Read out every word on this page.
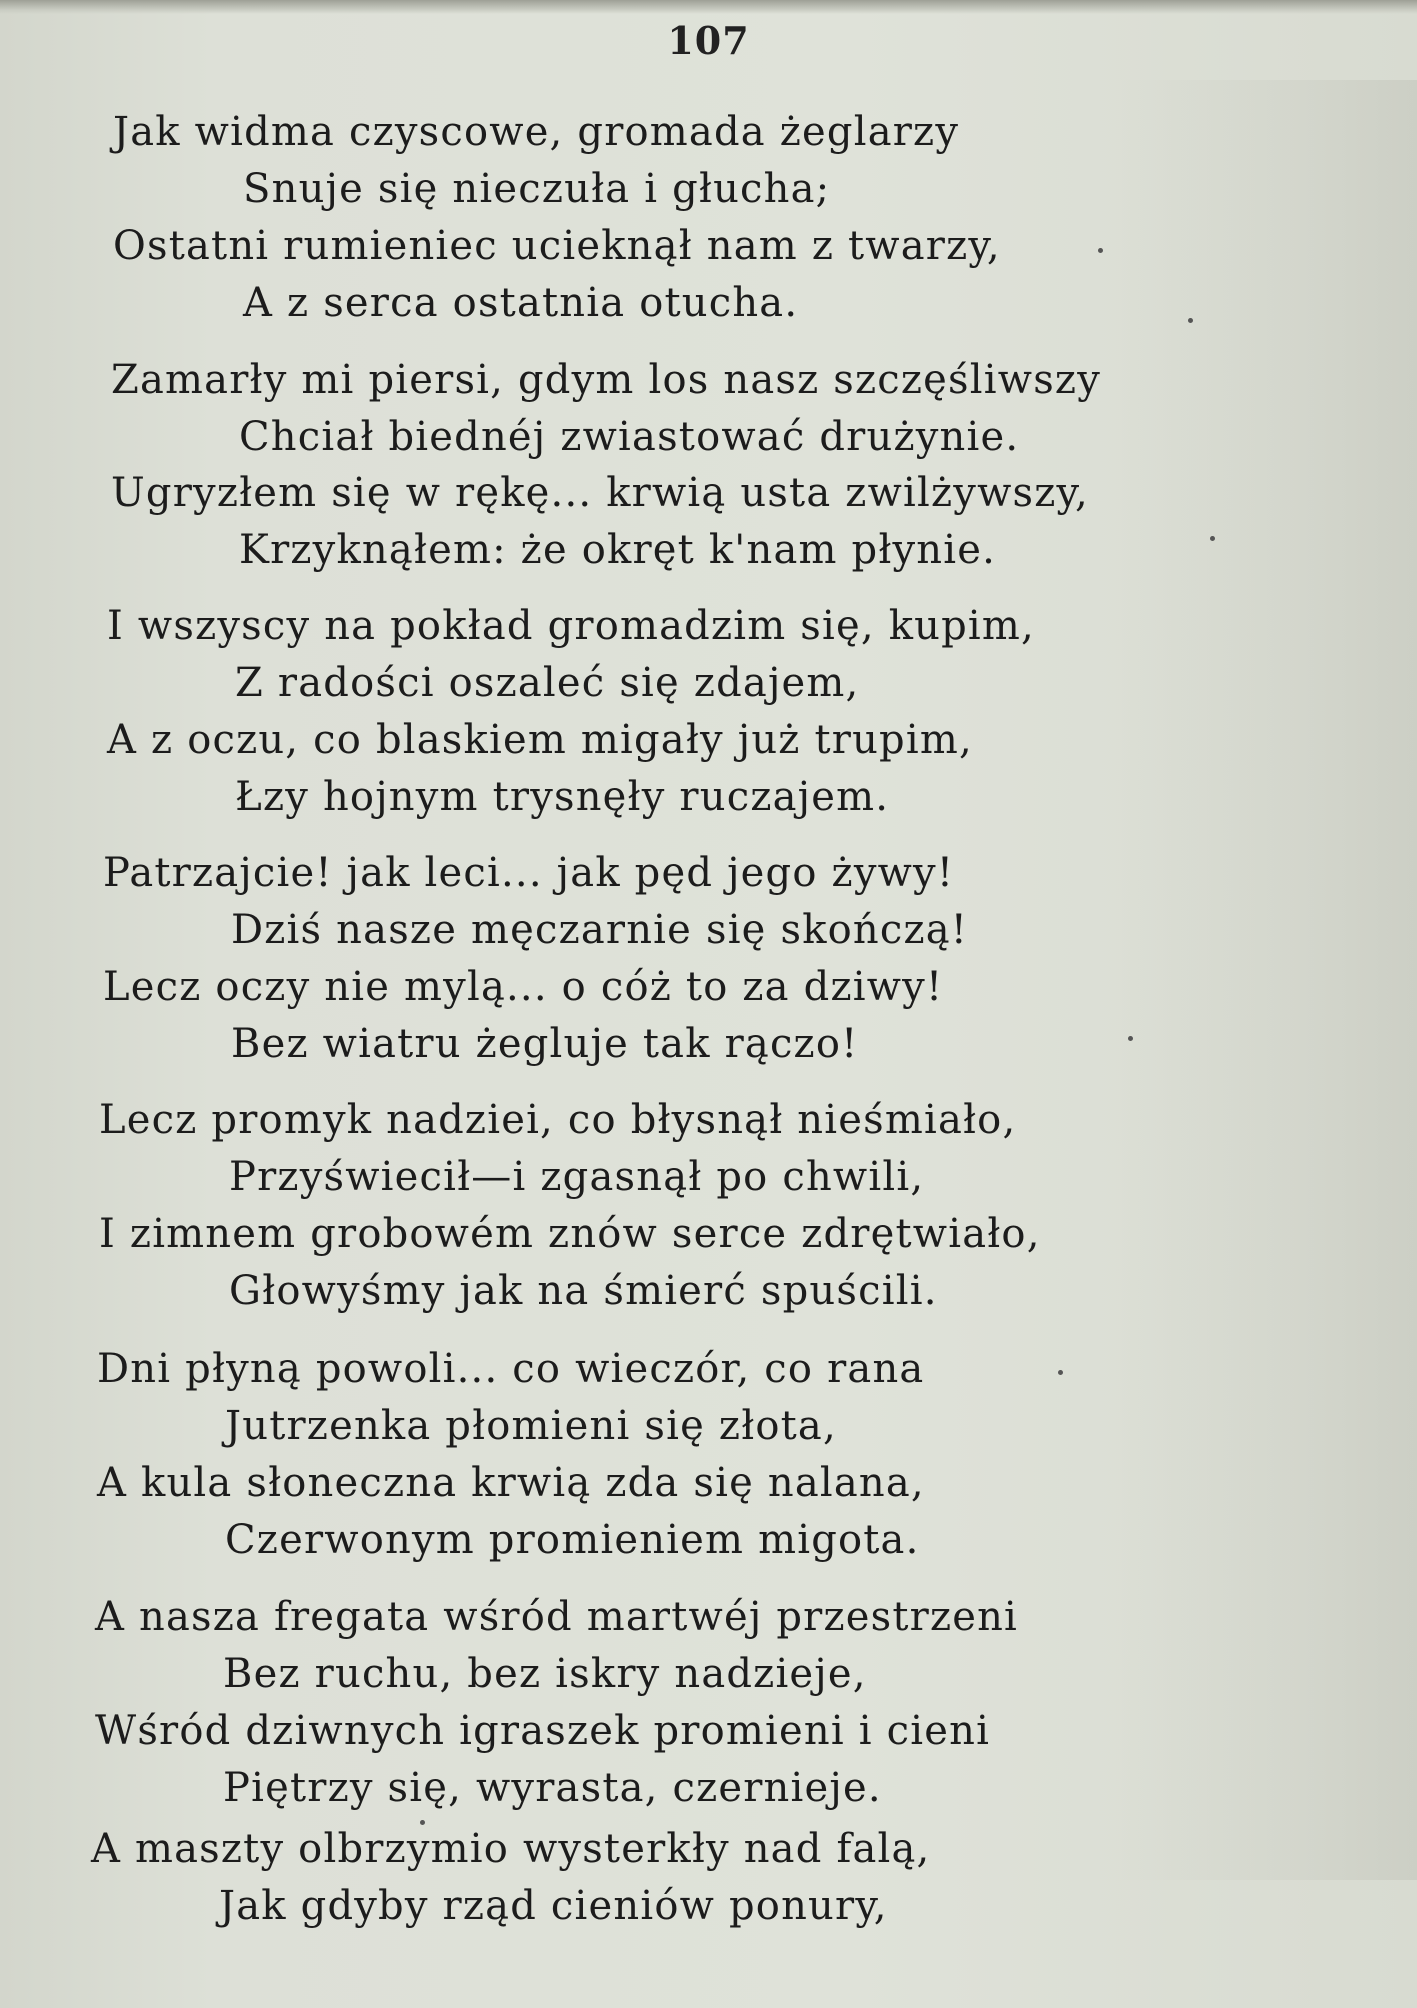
107
Jak widma czyscowe, gromada żeglarzy
Snuje się nieczuła i głucha;
Ostatni rumieniec ucieknął nam z twarzy,
A z serca ostatnia otucha.
Zamarły mi piersi, gdym los nasz szczęśliwszy
Chciał biednéj zwiastować drużynie.
Ugryzłem się w rękę... krwią usta zwilżywszy,
Krzyknąłem: że okręt k'nam płynie.
I wszyscy na pokład gromadzim się, kupim,
Z radości oszaleć się zdajem,
A z oczu, co blaskiem migały już trupim,
Łzy hojnym trysnęły ruczajem.
Patrzajcie! jak leci... jak pęd jego żywy!
Dziś nasze męczarnie się skończą!
Lecz oczy nie mylą... o cóż to za dziwy!
Bez wiatru żegluje tak rączo!
Lecz promyk nadziei, co błysnął nieśmiało,
Przyświecił—i zgasnął po chwili,
I zimnem grobowém znów serce zdrętwiało,
Głowyśmy jak na śmierć spuścili.
Dni płyną powoli... co wieczór, co rana
Jutrzenka płomieni się złota,
A kula słoneczna krwią zda się nalana,
Czerwonym promieniem migota.
A nasza fregata wśród martwéj przestrzeni
Bez ruchu, bez iskry nadzieje,
Wśród dziwnych igraszek promieni i cieni
Piętrzy się, wyrasta, czernieje.
A maszty olbrzymio wysterkły nad falą,
Jak gdyby rząd cieniów ponury,
